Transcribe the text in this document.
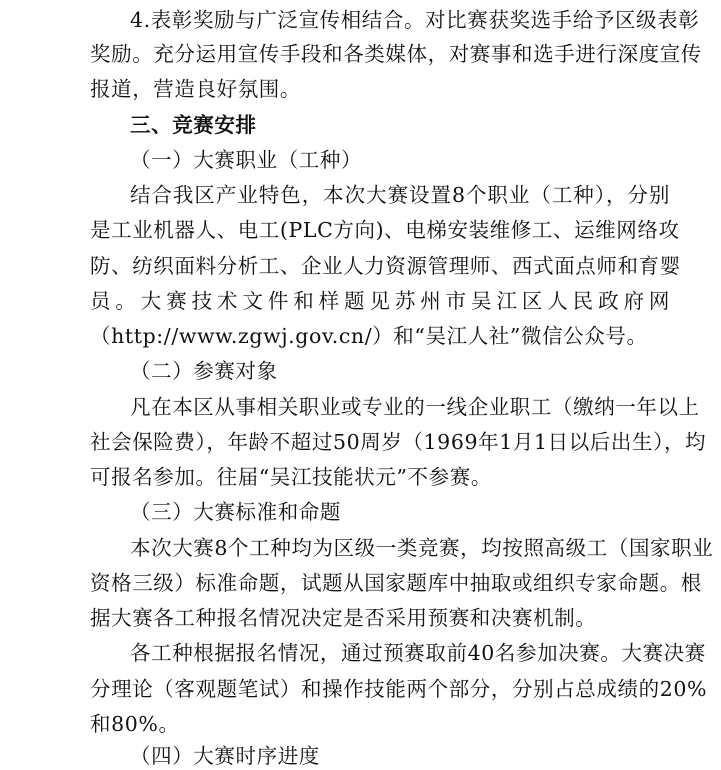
4.表彰奖励与广泛宣传相结合。对比赛获奖选手给予区级表彰
奖励。充分运用宣传手段和各类媒体，对赛事和选手进行深度宣传
报道，营造良好氛围。
三、竞赛安排
（一）大赛职业（工种）
结合我区产业特色，本次大赛设置8个职业（工种），分别
是工业机器人、电工(PLC方向)、电梯安装维修工、运维网络攻
防、纺织面料分析工、企业人力资源管理师、西式面点师和育婴
员。大赛技术文件和样题见苏州市吴江区人民政府网
（http://www.zgwj.gov.cn/）和“吴江人社”微信公众号。
（二）参赛对象
凡在本区从事相关职业或专业的一线企业职工（缴纳一年以上
社会保险费），年龄不超过50周岁（1969年1月1日以后出生），均
可报名参加。往届“吴江技能状元”不参赛。
（三）大赛标准和命题
本次大赛8个工种均为区级一类竞赛，均按照高级工（国家职业
资格三级）标准命题，试题从国家题库中抽取或组织专家命题。根
据大赛各工种报名情况决定是否采用预赛和决赛机制。
各工种根据报名情况，通过预赛取前40名参加决赛。大赛决赛
分理论（客观题笔试）和操作技能两个部分，分别占总成绩的20%
和80%。
（四）大赛时序进度
